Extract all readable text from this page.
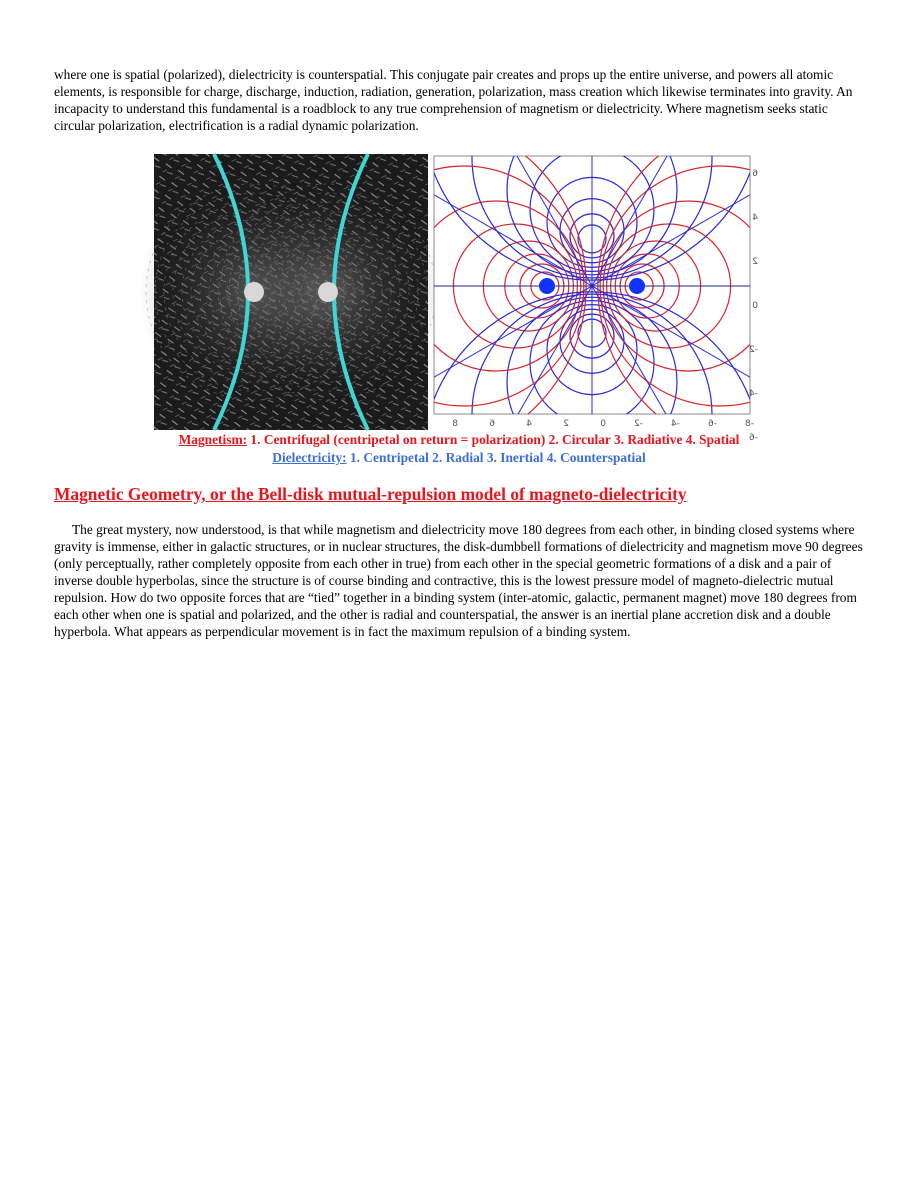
where one is spatial (polarized), dielectricity is counterspatial. This conjugate pair creates and props up the entire universe, and powers all atomic elements, is responsible for charge, discharge, induction, radiation, generation, polarization, mass creation which likewise terminates into gravity. An incapacity to understand this fundamental is a roadblock to any true comprehension of magnetism or dielectricity. Where magnetism seeks static circular polarization, electrification is a radial dynamic polarization.

6
4
2
0
-2
-4
-6
8	6	4	2	0	-2	-4	-6	-8
Magnetism: 1. Centrifugal (centripetal on return = polarization) 2. Circular 3. Radiative 4. Spatial
Dielectricity: 1. Centripetal 2. Radial 3. Inertial 4. Counterspatial
Magnetic Geometry, or the Bell-disk mutual-repulsion model of magneto-dielectricity

The great mystery, now understood, is that while magnetism and dielectricity move 180 degrees from each other, in binding closed systems where gravity is immense, either in galactic structures, or in nuclear structures, the disk-dumbbell formations of dielectricity and magnetism move 90 degrees (only perceptually, rather completely opposite from each other in true) from each other in the special geometric formations of a disk and a pair of inverse double hyperbolas, since the structure is of course binding and contractive, this is the lowest pressure model of magneto-dielectric mutual repulsion. How do two opposite forces that are “tied” together in a binding system (inter-atomic, galactic, permanent magnet) move 180 degrees from each other when one is spatial and polarized, and the other is radial and counterspatial, the answer is an inertial plane accretion disk and a double hyperbola. What appears as perpendicular movement is in fact the maximum repulsion of a binding system.
